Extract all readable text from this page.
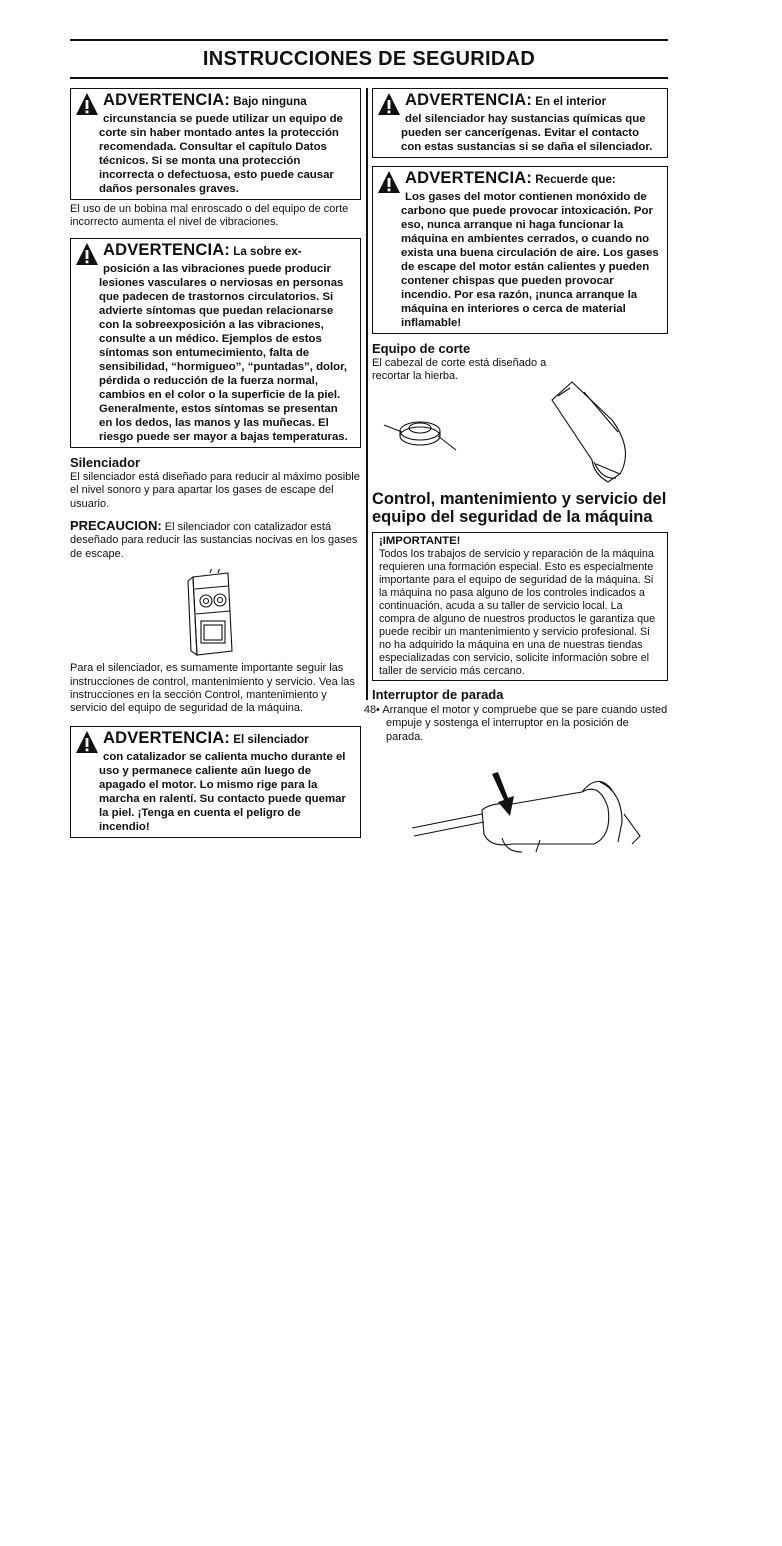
INSTRUCCIONES DE SEGURIDAD
ADVERTENCIA: Bajo ninguna
circunstancia se puede utilizar un equipo de corte sin haber montado antes la protección recomendada. Consultar el capítulo Datos técnicos. Si se monta una protección incorrecta o defectuosa, esto puede causar daños personales graves.

El uso de un bobina mal enroscado o del equipo de corte incorrecto aumenta el nivel de vibraciones.

ADVERTENCIA: La sobre ex-
posición a las vibraciones puede producir lesiones vasculares o nerviosas en personas que padecen de trastornos circulatorios. Si advierte síntomas que puedan relacionarse con la sobreexposición a las vibraciones, consulte a un médico. Ejemplos de estos síntomas son entumecimiento, falta de sensibilidad, “hormigueo”, “puntadas”, dolor, pérdida o reducción de la fuerza normal, cambios en el color o la superficie de la piel. Generalmente, estos síntomas se presentan en los dedos, las manos y las muñecas. El riesgo puede ser mayor a bajas temperaturas.
Silenciador

El silenciador está diseñado para reducir al máximo posible el nivel sonoro y para apartar los gases de escape del usuario.

PRECAUCION: El silenciador con catalizador está deseñado para reducir las sustancias nocivas en los gases de escape.

Para el silenciador, es sumamente importante seguir las instrucciones de control, mantenimiento y servicio. Vea las instrucciones en la sección Control, mantenimiento y servicio del equipo de seguridad de la máquina.

ADVERTENCIA: El silenciador
con catalizador se calienta mucho durante el uso y permanece caliente aún luego de apagado el motor. Lo mismo rige para la marcha en ralentí. Su contacto puede quemar la piel. ¡Tenga en cuenta el peligro de incendio!
ADVERTENCIA: En el interior
del silenciador hay sustancias químicas que pueden ser cancerígenas. Evitar el contacto con estas sustancias si se daña el silenciador.
ADVERTENCIA: Recuerde que:
Los gases del motor contienen monóxido de carbono que puede provocar intoxicación. Por eso, nunca arranque ni haga funcionar la máquina en ambientes cerrados, o cuando no exista una buena circulación de aire. Los gases de escape del motor están calientes y pueden contener chispas que pueden provocar incendio. Por esa razón, ¡nunca arranque la máquina en interiores o cerca de material inflamable!
Equipo de corte

El cabezal de corte está diseñado a recortar la hierba.

Control, mantenimiento y servicio del equipo del seguridad de la máquina
¡IMPORTANTE!
Todos los trabajos de servicio y reparación de la máquina requieren una formación especial. Esto es especialmente importante para el equipo de seguridad de la máquina. Si la máquina no pasa alguno de los controles indicados a continuación, acuda a su taller de servicio local. La compra de alguno de nuestros productos le garantiza que puede recibir un mantenimiento y servicio profesional. Si no ha adquirido la máquina en una de nuestras tiendas especializadas con servicio, solicite información sobre el taller de servicio más cercano.
Interruptor de parada
• Arranque el motor y compruebe que se pare cuando usted empuje y sostenga el interruptor en la posición de parada.
48
